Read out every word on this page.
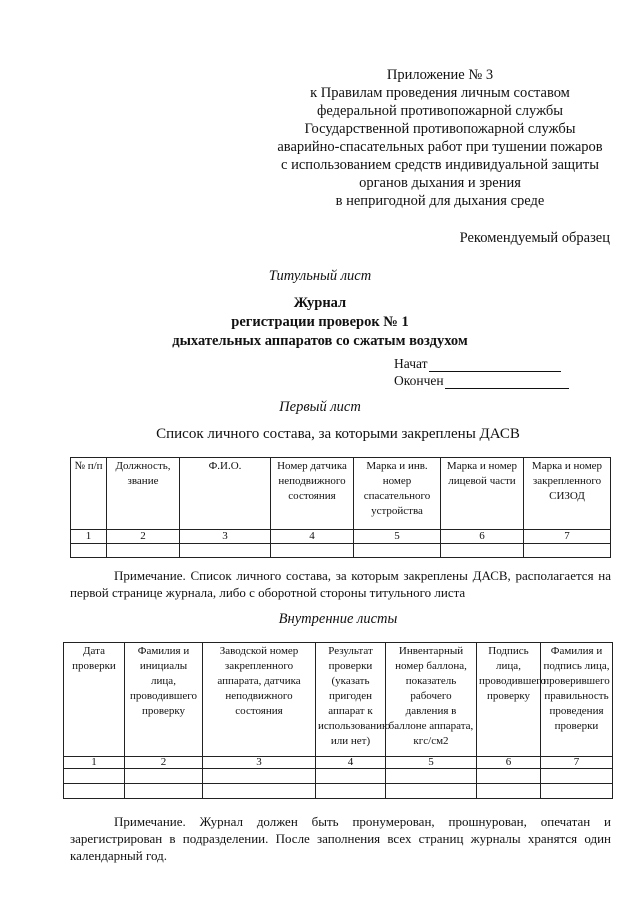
Приложение № 3
к Правилам проведения личным составом
федеральной противопожарной службы
Государственной противопожарной службы
аварийно-спасательных работ при тушении пожаров
с использованием средств индивидуальной защиты
органов дыхания и зрения
в непригодной для дыхания среде
Рекомендуемый образец
Титульный лист
Журнал
регистрации проверок № 1
дыхательных аппаратов со сжатым воздухом
Начат
Окончен
Первый лист
Список личного состава, за которыми закреплены ДАСВ
№ п/п	Должность, звание	Ф.И.О.	Номер датчика неподвижного состояния	Марка и инв. номер спасательного устройства	Марка и номер лицевой части	Марка и номер закрепленного СИЗОД
1	2	3	4	5	6	7

Примечание. Список личного состава, за которым закреплены ДАСВ, располагается на первой странице журнала, либо с оборотной стороны титульного листа
Внутренние листы
Дата проверки	Фамилия и инициалы лица, проводившего проверку	Заводской номер закрепленного аппарата, датчика неподвижного состояния	Результат проверки (указать пригоден аппарат к использованию или нет)	Инвентарный номер баллона, показатель рабочего давления в баллоне аппарата, кгс/см2	Подпись лица, проводившего проверку	Фамилия и подпись лица, проверившего правильность проведения проверки
1	2	3	4	5	6	7

Примечание. Журнал должен быть пронумерован, прошнурован, опечатан и зарегистрирован в подразделении. После заполнения всех страниц журналы хранятся один календарный год.
